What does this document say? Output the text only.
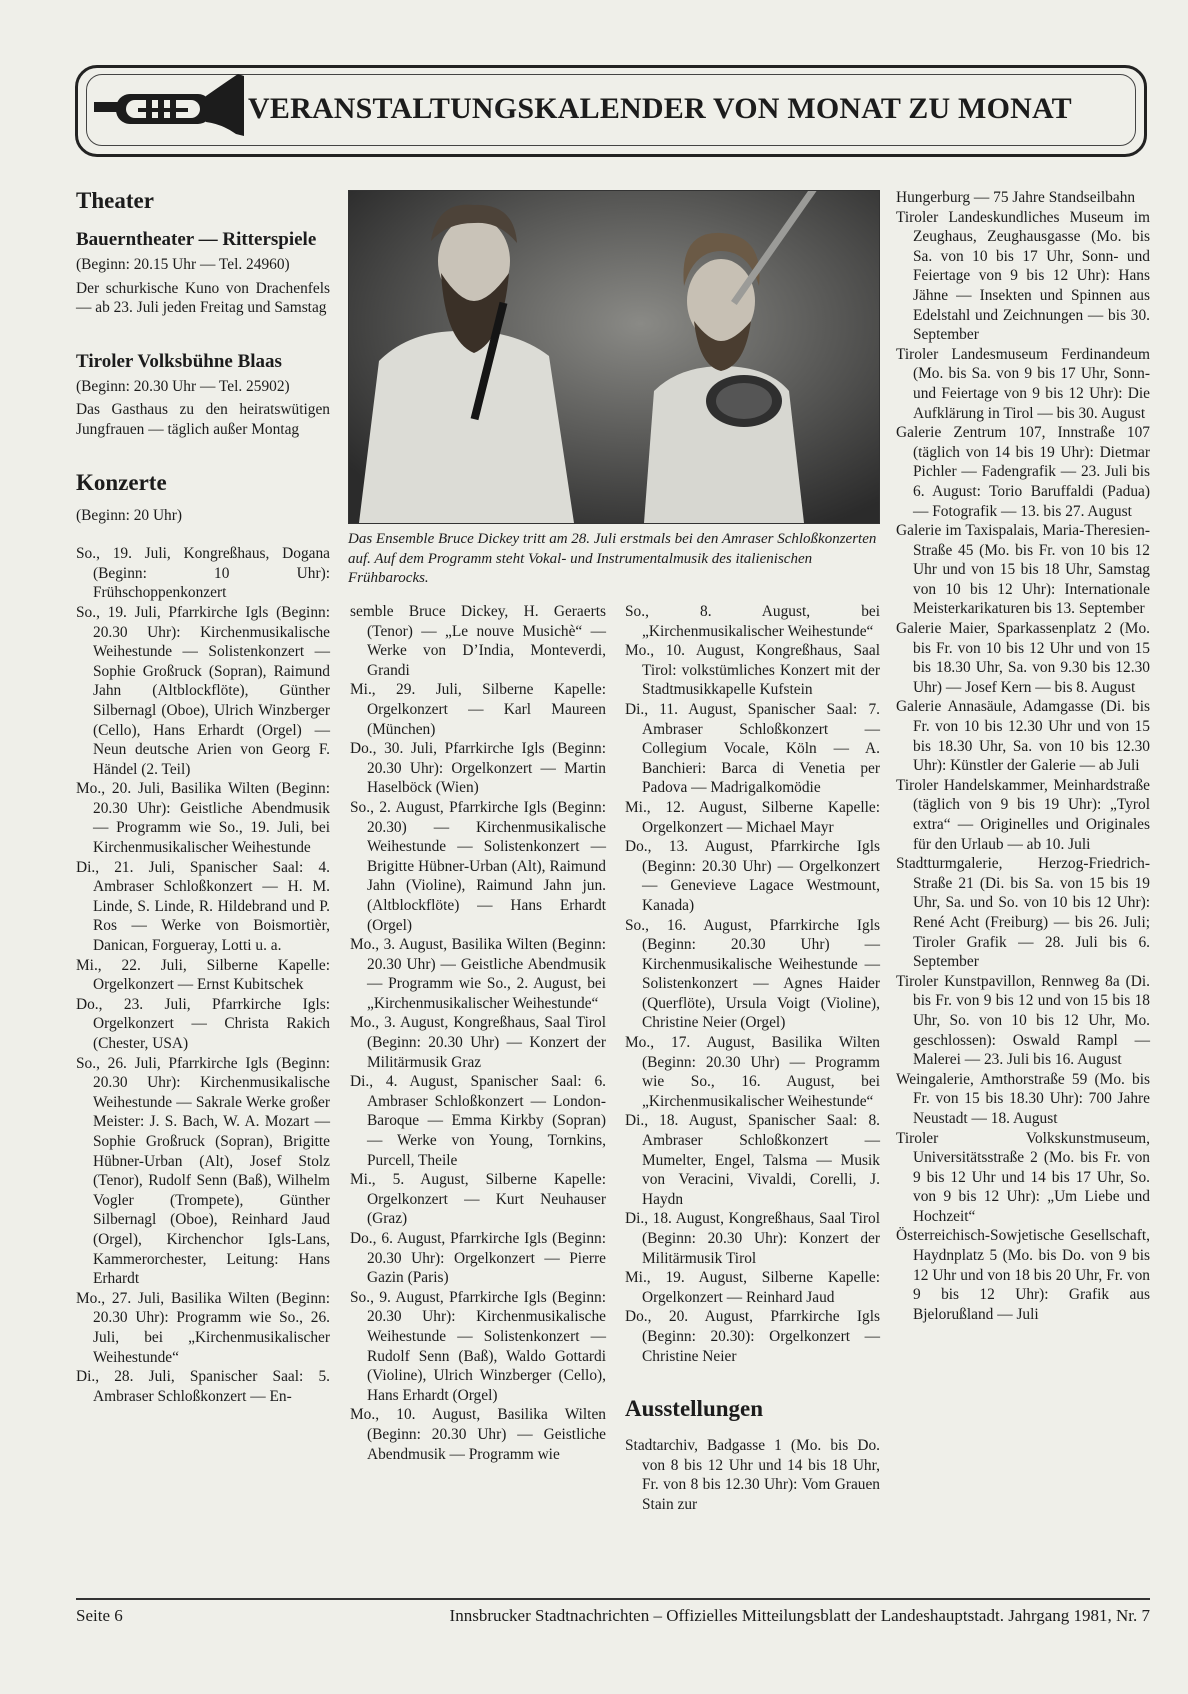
VERANSTALTUNGSKALENDER VON MONAT ZU MONAT
Theater
Bauerntheater — Ritterspiele

(Beginn: 20.15 Uhr — Tel. 24960)

Der schurkische Kuno von Drachenfels — ab 23. Juli jeden Freitag und Samstag

Tiroler Volksbühne Blaas

(Beginn: 20.30 Uhr — Tel. 25902)

Das Gasthaus zu den heiratswütigen Jungfrauen — täglich außer Montag

Konzerte

(Beginn: 20 Uhr)

So., 19. Juli, Kongreßhaus, Dogana (Beginn: 10 Uhr): Frühschoppenkonzert

So., 19. Juli, Pfarrkirche Igls (Beginn: 20.30 Uhr): Kirchenmusikalische Weihestunde — Solistenkonzert — Sophie Großruck (Sopran), Raimund Jahn (Altblockflöte), Günther Silbernagl (Oboe), Ulrich Winzberger (Cello), Hans Erhardt (Orgel) — Neun deutsche Arien von Georg F. Händel (2. Teil)

Mo., 20. Juli, Basilika Wilten (Beginn: 20.30 Uhr): Geistliche Abendmusik — Programm wie So., 19. Juli, bei Kirchenmusikalischer Weihestunde

Di., 21. Juli, Spanischer Saal: 4. Ambraser Schloßkonzert — H. M. Linde, S. Linde, R. Hildebrand und P. Ros — Werke von Boismortièr, Danican, Forgueray, Lotti u. a.

Mi., 22. Juli, Silberne Kapelle: Orgelkonzert — Ernst Kubitschek

Do., 23. Juli, Pfarrkirche Igls: Orgelkonzert — Christa Rakich (Chester, USA)

So., 26. Juli, Pfarrkirche Igls (Beginn: 20.30 Uhr): Kirchenmusikalische Weihestunde — Sakrale Werke großer Meister: J. S. Bach, W. A. Mozart — Sophie Großruck (Sopran), Brigitte Hübner-Urban (Alt), Josef Stolz (Tenor), Rudolf Senn (Baß), Wilhelm Vogler (Trompete), Günther Silbernagl (Oboe), Reinhard Jaud (Orgel), Kirchenchor Igls-Lans, Kammerorchester, Leitung: Hans Erhardt

Mo., 27. Juli, Basilika Wilten (Beginn: 20.30 Uhr): Programm wie So., 26. Juli, bei „Kirchenmusikalischer Weihestunde“

Di., 28. Juli, Spanischer Saal: 5. Ambraser Schloßkonzert — En-

Das Ensemble Bruce Dickey tritt am 28. Juli erstmals bei den Amraser Schloßkonzerten auf. Auf dem Programm steht Vokal- und Instrumentalmusik des italienischen Frühbarocks.

semble Bruce Dickey, H. Geraerts (Tenor) — „Le nouve Musichè“ — Werke von D’India, Monteverdi, Grandi

Mi., 29. Juli, Silberne Kapelle: Orgelkonzert — Karl Maureen (München)

Do., 30. Juli, Pfarrkirche Igls (Beginn: 20.30 Uhr): Orgelkonzert — Martin Haselböck (Wien)

So., 2. August, Pfarrkirche Igls (Beginn: 20.30) — Kirchenmusikalische Weihestunde — Solistenkonzert — Brigitte Hübner-Urban (Alt), Raimund Jahn (Violine), Raimund Jahn jun. (Altblockflöte) — Hans Erhardt (Orgel)

Mo., 3. August, Basilika Wilten (Beginn: 20.30 Uhr) — Geistliche Abendmusik — Programm wie So., 2. August, bei „Kirchenmusikalischer Weihestunde“

Mo., 3. August, Kongreßhaus, Saal Tirol (Beginn: 20.30 Uhr) — Konzert der Militärmusik Graz

Di., 4. August, Spanischer Saal: 6. Ambraser Schloßkonzert — London-Baroque — Emma Kirkby (Sopran) — Werke von Young, Tornkins, Purcell, Theile

Mi., 5. August, Silberne Kapelle: Orgelkonzert — Kurt Neuhauser (Graz)

Do., 6. August, Pfarrkirche Igls (Beginn: 20.30 Uhr): Orgelkonzert — Pierre Gazin (Paris)

So., 9. August, Pfarrkirche Igls (Beginn: 20.30 Uhr): Kirchenmusikalische Weihestunde — Solistenkonzert — Rudolf Senn (Baß), Waldo Gottardi (Violine), Ulrich Winzberger (Cello), Hans Erhardt (Orgel)

Mo., 10. August, Basilika Wilten (Beginn: 20.30 Uhr) — Geistliche Abendmusik — Programm wie

So., 8. August, bei „Kirchenmusikalischer Weihestunde“

Mo., 10. August, Kongreßhaus, Saal Tirol: volkstümliches Konzert mit der Stadtmusikkapelle Kufstein

Di., 11. August, Spanischer Saal: 7. Ambraser Schloßkonzert — Collegium Vocale, Köln — A. Banchieri: Barca di Venetia per Padova — Madrigalkomödie

Mi., 12. August, Silberne Kapelle: Orgelkonzert — Michael Mayr

Do., 13. August, Pfarrkirche Igls (Beginn: 20.30 Uhr) — Orgelkonzert — Genevieve Lagace Westmount, Kanada)

So., 16. August, Pfarrkirche Igls (Beginn: 20.30 Uhr) — Kirchenmusikalische Weihestunde — Solistenkonzert — Agnes Haider (Querflöte), Ursula Voigt (Violine), Christine Neier (Orgel)

Mo., 17. August, Basilika Wilten (Beginn: 20.30 Uhr) — Programm wie So., 16. August, bei „Kirchenmusikalischer Weihestunde“

Di., 18. August, Spanischer Saal: 8. Ambraser Schloßkonzert — Mumelter, Engel, Talsma — Musik von Veracini, Vivaldi, Corelli, J. Haydn

Di., 18. August, Kongreßhaus, Saal Tirol (Beginn: 20.30 Uhr): Konzert der Militärmusik Tirol

Mi., 19. August, Silberne Kapelle: Orgelkonzert — Reinhard Jaud

Do., 20. August, Pfarrkirche Igls (Beginn: 20.30): Orgelkonzert — Christine Neier

Ausstellungen

Stadtarchiv, Badgasse 1 (Mo. bis Do. von 8 bis 12 Uhr und 14 bis 18 Uhr, Fr. von 8 bis 12.30 Uhr): Vom Grauen Stain zur

Hungerburg — 75 Jahre Standseilbahn

Tiroler Landeskundliches Museum im Zeughaus, Zeughausgasse (Mo. bis Sa. von 10 bis 17 Uhr, Sonn- und Feiertage von 9 bis 12 Uhr): Hans Jähne — Insekten und Spinnen aus Edelstahl und Zeichnungen — bis 30. September

Tiroler Landesmuseum Ferdinandeum (Mo. bis Sa. von 9 bis 17 Uhr, Sonn- und Feiertage von 9 bis 12 Uhr): Die Aufklärung in Tirol — bis 30. August

Galerie Zentrum 107, Innstraße 107 (täglich von 14 bis 19 Uhr): Dietmar Pichler — Fadengrafik — 23. Juli bis 6. August: Torio Baruffaldi (Padua) — Fotografik — 13. bis 27. August

Galerie im Taxispalais, Maria-Theresien-Straße 45 (Mo. bis Fr. von 10 bis 12 Uhr und von 15 bis 18 Uhr, Samstag von 10 bis 12 Uhr): Internationale Meisterkarikaturen bis 13. September

Galerie Maier, Sparkassenplatz 2 (Mo. bis Fr. von 10 bis 12 Uhr und von 15 bis 18.30 Uhr, Sa. von 9.30 bis 12.30 Uhr) — Josef Kern — bis 8. August

Galerie Annasäule, Adamgasse (Di. bis Fr. von 10 bis 12.30 Uhr und von 15 bis 18.30 Uhr, Sa. von 10 bis 12.30 Uhr): Künstler der Galerie — ab Juli

Tiroler Handelskammer, Meinhardstraße (täglich von 9 bis 19 Uhr): „Tyrol extra“ — Originelles und Originales für den Urlaub — ab 10. Juli

Stadtturmgalerie, Herzog-Friedrich-Straße 21 (Di. bis Sa. von 15 bis 19 Uhr, Sa. und So. von 10 bis 12 Uhr): René Acht (Freiburg) — bis 26. Juli; Tiroler Grafik — 28. Juli bis 6. September

Tiroler Kunstpavillon, Rennweg 8a (Di. bis Fr. von 9 bis 12 und von 15 bis 18 Uhr, So. von 10 bis 12 Uhr, Mo. geschlossen): Oswald Rampl — Malerei — 23. Juli bis 16. August

Weingalerie, Amthorstraße 59 (Mo. bis Fr. von 15 bis 18.30 Uhr): 700 Jahre Neustadt — 18. August

Tiroler Volkskunstmuseum, Universitätsstraße 2 (Mo. bis Fr. von 9 bis 12 Uhr und 14 bis 17 Uhr, So. von 9 bis 12 Uhr): „Um Liebe und Hochzeit“

Österreichisch-Sowjetische Gesellschaft, Haydnplatz 5 (Mo. bis Do. von 9 bis 12 Uhr und von 18 bis 20 Uhr, Fr. von 9 bis 12 Uhr): Grafik aus Bjelorußland — Juli

Seite 6	Innsbrucker Stadtnachrichten – Offizielles Mitteilungsblatt der Landeshauptstadt. Jahrgang 1981, Nr. 7
